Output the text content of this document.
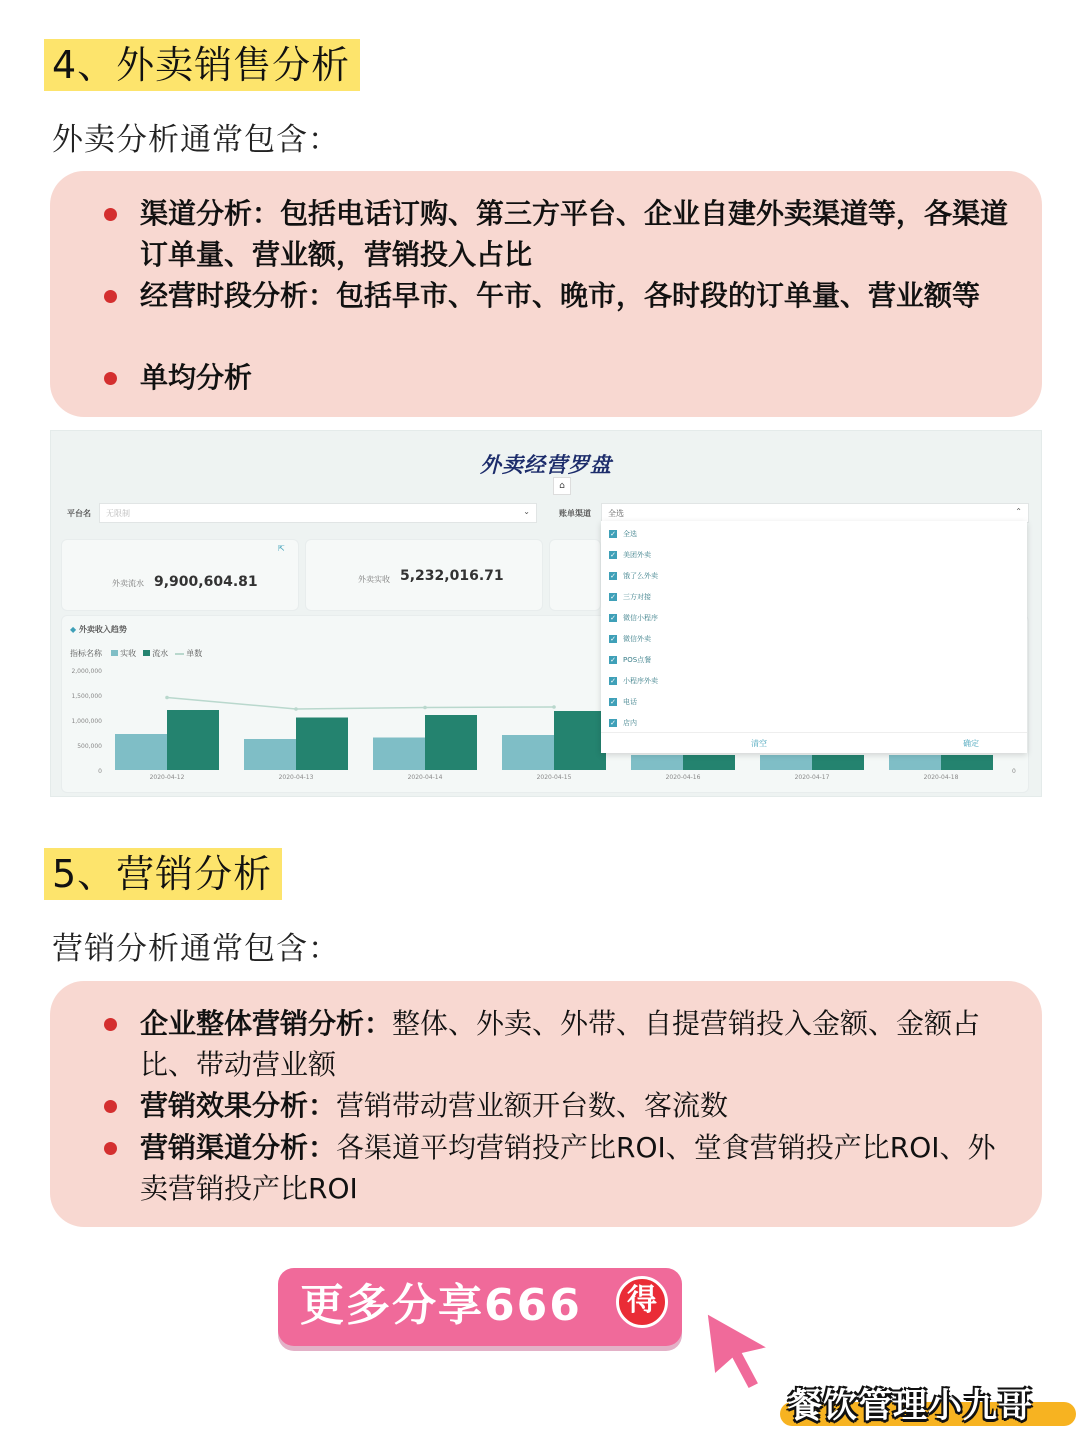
4、外卖销售分析
外卖分析通常包含：
渠道分析：包括电话订购、第三方平台、企业自建外卖渠道等，各渠道订单量、营业额，营销投入占比
经营时段分析：包括早市、午市、晚市，各时段的订单量、营业额等
单均分析
外卖经营罗盘
⌂
平台名 无限制	⌄	账单渠道 全选	⌃
外卖流水 9,900,604.81
⇱
外卖实收 5,232,016.71
◆ 外卖收入趋势
指标名称 实收 流水 单数
2,000,000
1,500,000
1,000,000
500,000
0	0
2020-04-12	2020-04-13	2020-04-14	2020-04-15	2020-04-16	2020-04-17	2020-04-18
✓ 全选
✓ 美团外卖
✓ 饿了么外卖
✓ 三方对接
✓ 微信小程序
✓ 微信外卖
✓ POS点餐
✓ 小程序外卖
✓ 电话
✓ 店内
清空	确定
5、营销分析
营销分析通常包含：
企业整体营销分析：整体、外卖、外带、自提营销投入金额、金额占比、带动营业额
营销效果分析：营销带动营业额开台数、客流数
营销渠道分析：各渠道平均营销投产比ROI、堂食营销投产比ROI、外卖营销投产比ROI
更多分享666	得
餐饮管理小九哥
